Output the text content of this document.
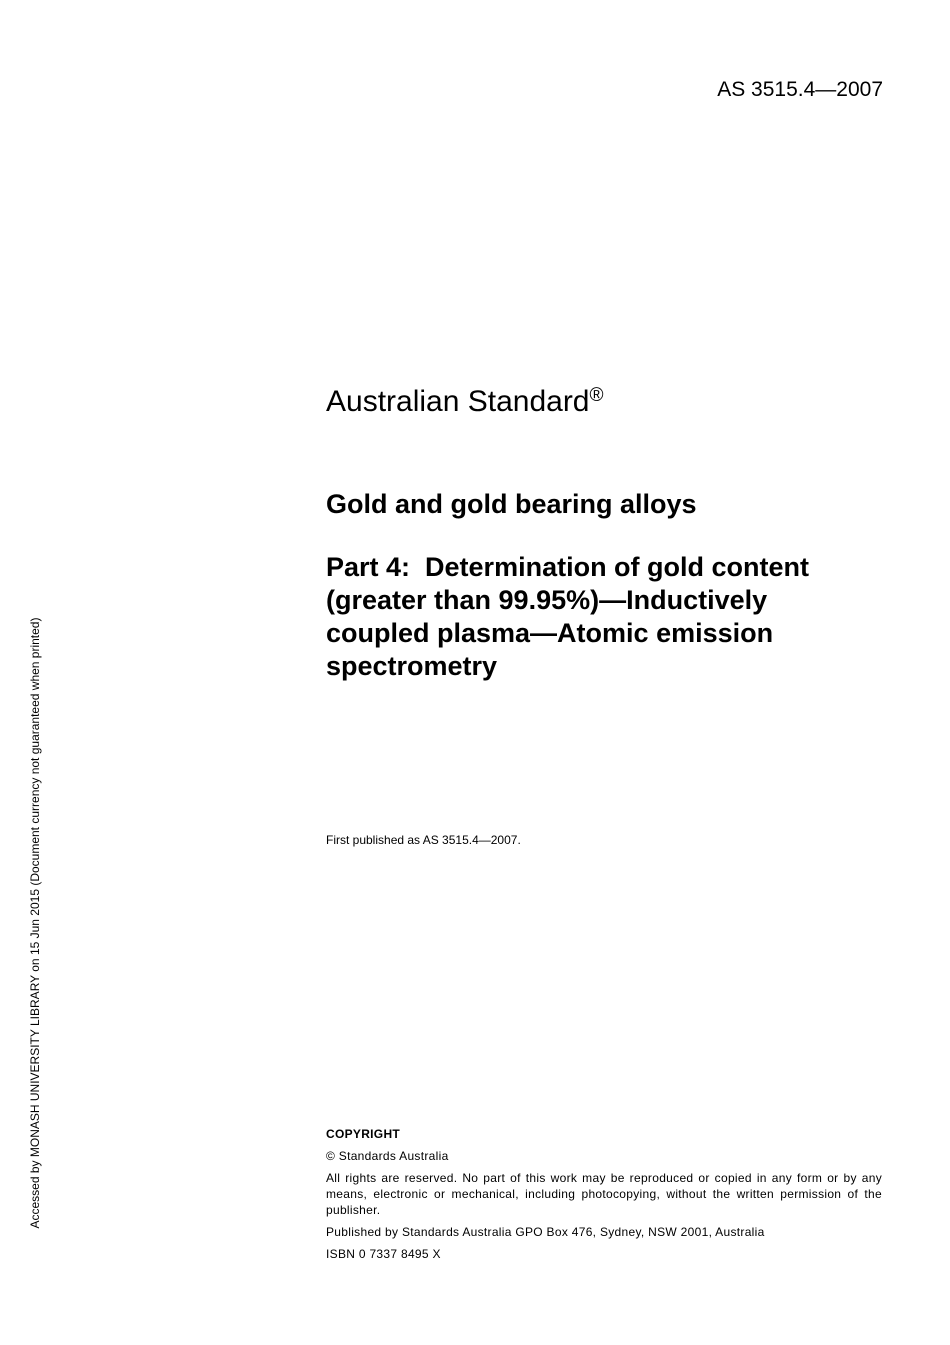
AS 3515.4—2007
Australian Standard®
Gold and gold bearing alloys
Part 4:  Determination of gold content
(greater than 99.95%)—Inductively
coupled plasma—Atomic emission
spectrometry
First published as AS 3515.4—2007.
COPYRIGHT
© Standards Australia
All rights are reserved. No part of this work may be reproduced or copied in any form or by any means, electronic or mechanical, including photocopying, without the written permission of the publisher.
Published by Standards Australia GPO Box 476, Sydney, NSW 2001, Australia
ISBN 0 7337 8495 X
Accessed by MONASH UNIVERSITY LIBRARY on 15 Jun 2015 (Document currency not guaranteed when printed)
